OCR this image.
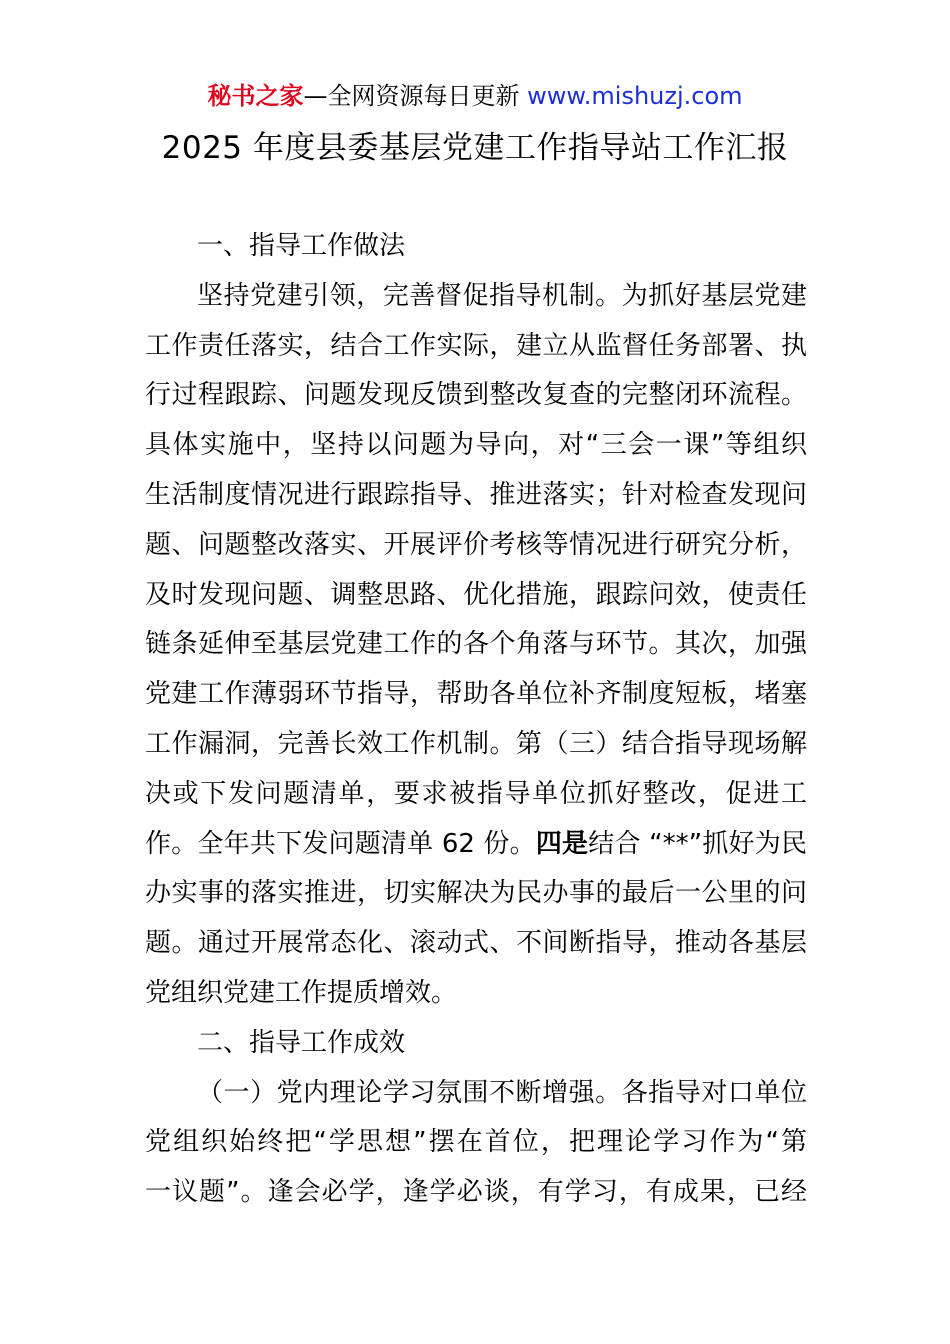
秘书之家—全网资源每日更新 www.mishuzj.com
2025 年度县委基层党建工作指导站工作汇报
一、指导工作做法
坚持党建引领，完善督促指导机制。为抓好基层党建
工作责任落实，结合工作实际，建立从监督任务部署、执
行过程跟踪、问题发现反馈到整改复查的完整闭环流程。
具体实施中，坚持以问题为导向，对“三会一课”等组织
生活制度情况进行跟踪指导、推进落实；针对检查发现问
题、问题整改落实、开展评价考核等情况进行研究分析，
及时发现问题、调整思路、优化措施，跟踪问效，使责任
链条延伸至基层党建工作的各个角落与环节。其次，加强
党建工作薄弱环节指导，帮助各单位补齐制度短板，堵塞
工作漏洞，完善长效工作机制。第（三）结合指导现场解
决或下发问题清单，要求被指导单位抓好整改，促进工
作。全年共下发问题清单 62 份。四是结合 “**”抓好为民
办实事的落实推进，切实解决为民办事的最后一公里的问
题。通过开展常态化、滚动式、不间断指导，推动各基层
党组织党建工作提质增效。
二、指导工作成效
（一）党内理论学习氛围不断增强。各指导对口单位
党组织始终把“学思想”摆在首位，把理论学习作为“第
一议题”。逢会必学，逢学必谈，有学习，有成果，已经
